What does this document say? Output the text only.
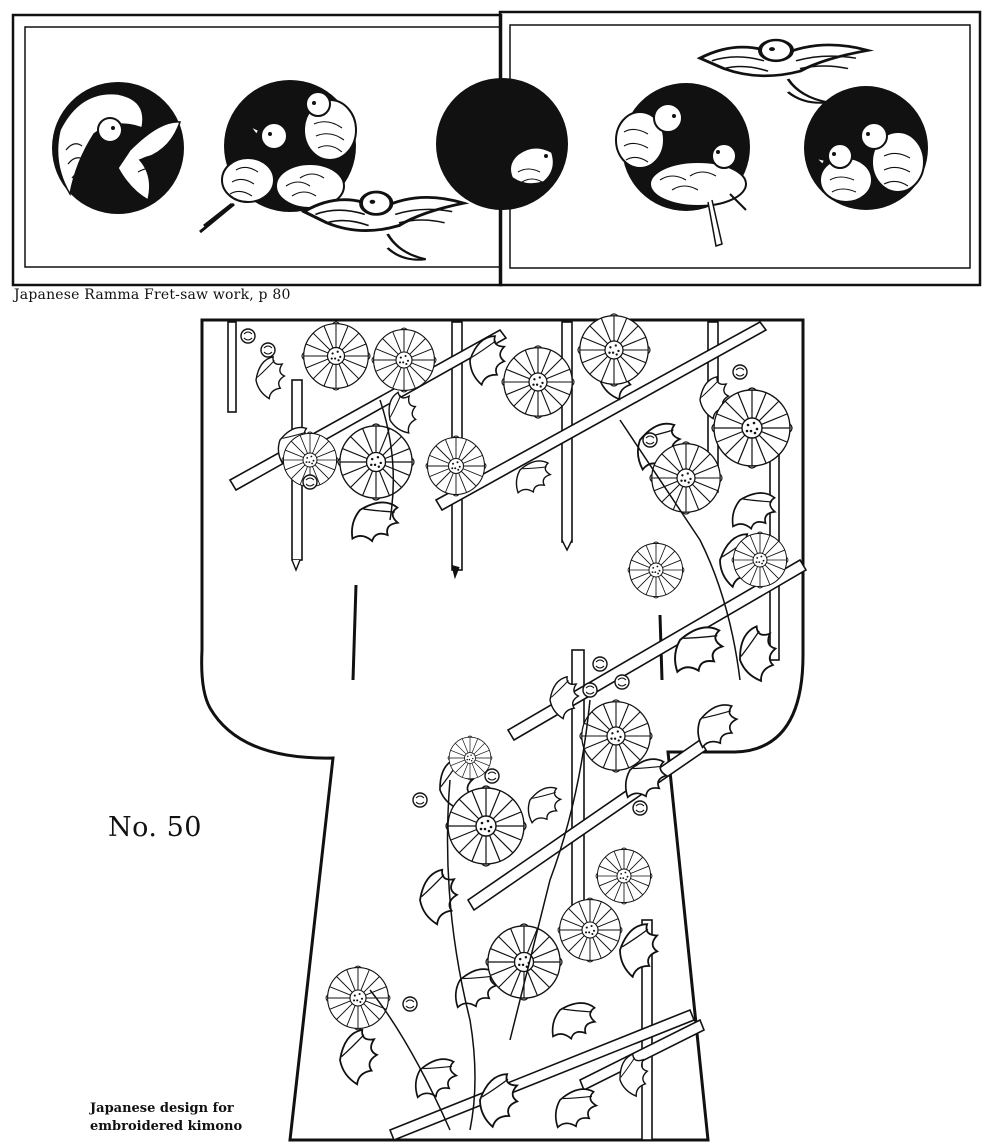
Japanese Ramma Fret-saw work, p 80
No. 50
Japanese design for
embroidered kimono
